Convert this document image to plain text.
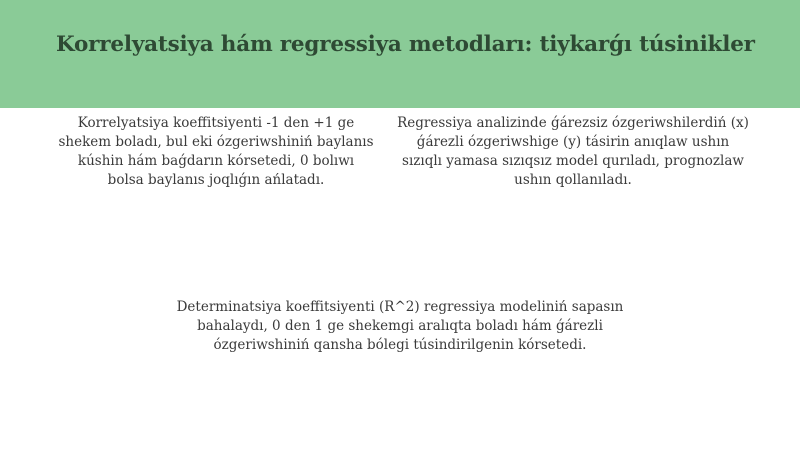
Korrelyatsiya hám regressiya metodları: tiykarǵı túsinikler

Korrelyatsiya koeffitsiyenti -1 den +1 ge shekem boladı, bul eki ózgeriwshiniń baylanıs kúshin hám baǵdarın kórsetedi, 0 bolıwı bolsa baylanıs joqlıǵın ańlatadı.

Regressiya analizinde ǵárezsiz ózgeriwshilerdiń (x) ǵárezli ózgeriwshige (y) tásirin anıqlaw ushın sızıqlı yamasa sızıqsız model qurıladı, prognozlaw ushın qollanıladı.

Determinatsiya koeffitsiyenti (R^2) regressiya modeliniń sapasın bahalaydı, 0 den 1 ge shekemgi aralıqta boladı hám ǵárezli ózgeriwshiniń qansha bólegi túsindirilgenin kórsetedi.
